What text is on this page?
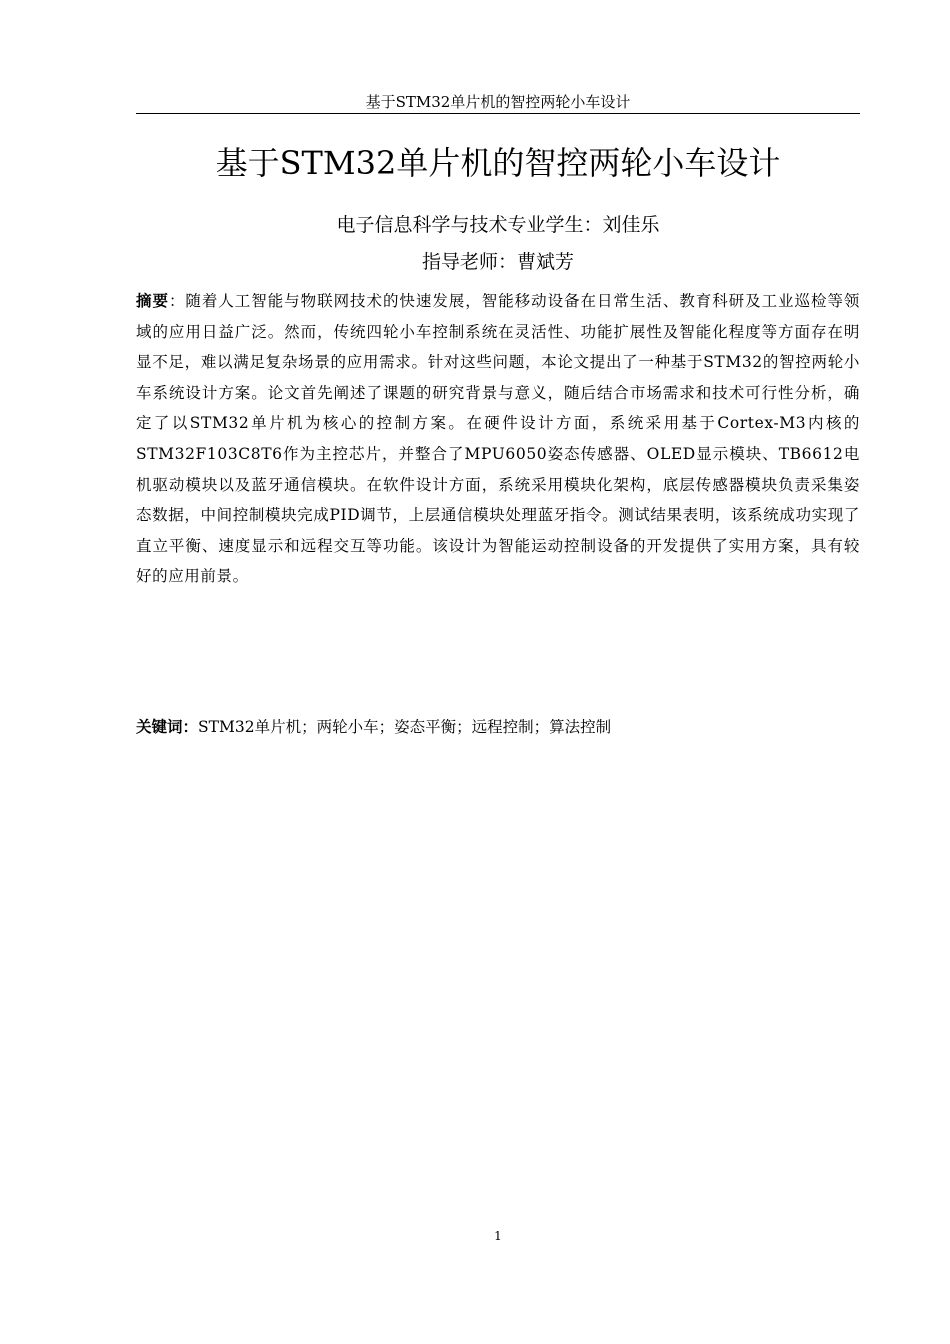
基于STM32单片机的智控两轮小车设计
基于STM32单片机的智控两轮小车设计
电子信息科学与技术专业学生：刘佳乐
指导老师：曹斌芳

摘要：随着人工智能与物联网技术的快速发展，智能移动设备在日常生活、教育科研及工业巡检等领域的应用日益广泛。然而，传统四轮小车控制系统在灵活性、功能扩展性及智能化程度等方面存在明显不足，难以满足复杂场景的应用需求。针对这些问题，本论文提出了一种基于STM32的智控两轮小车系统设计方案。论文首先阐述了课题的研究背景与意义，随后结合市场需求和技术可行性分析，确定了以STM32单片机为核心的控制方案。在硬件设计方面，系统采用基于Cortex-M3内核的STM32F103C8T6作为主控芯片，并整合了MPU6050姿态传感器、OLED显示模块、TB6612电机驱动模块以及蓝牙通信模块。在软件设计方面，系统采用模块化架构，底层传感器模块负责采集姿态数据，中间控制模块完成PID调节，上层通信模块处理蓝牙指令。测试结果表明，该系统成功实现了直立平衡、速度显示和远程交互等功能。该设计为智能运动控制设备的开发提供了实用方案，具有较好的应用前景。

关键词：STM32单片机；两轮小车；姿态平衡；远程控制；算法控制

1
